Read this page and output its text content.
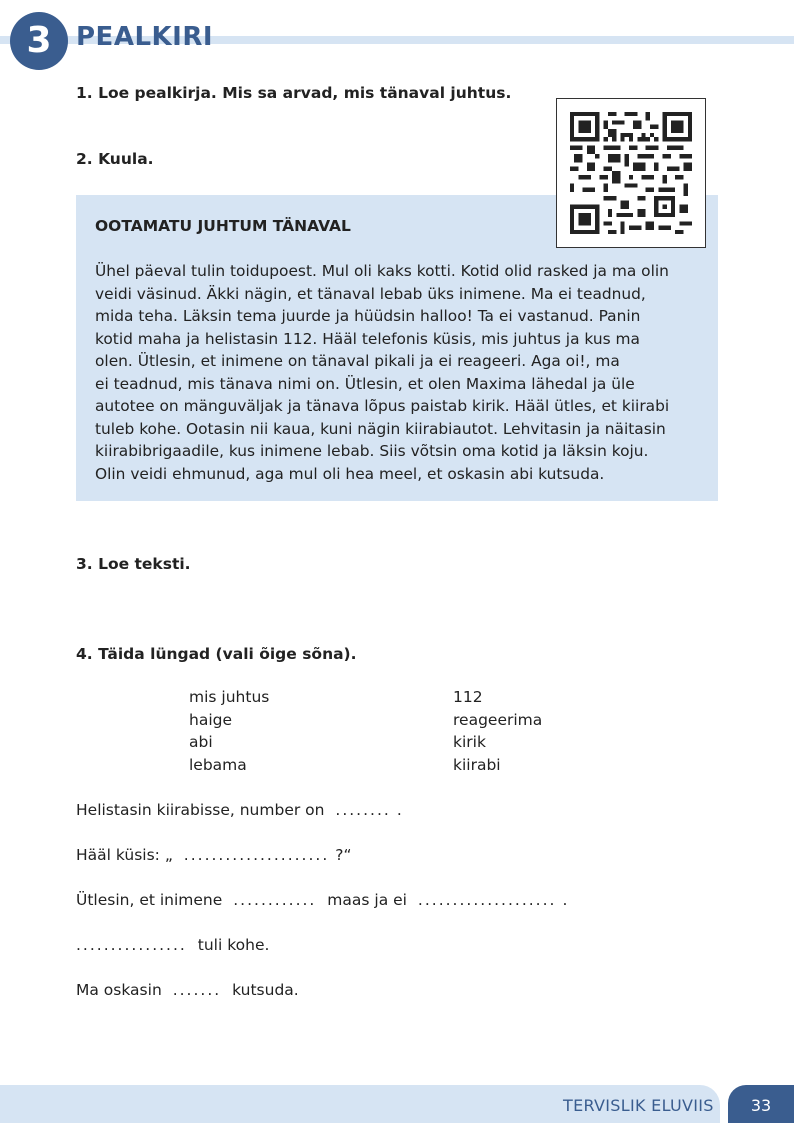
3 PEALKIRI
1. Loe pealkirja. Mis sa arvad, mis tänaval juhtus.
2. Kuula.
OOTAMATU JUHTUM TÄNAVAL

Ühel päeval tulin toidupoest. Mul oli kaks kotti. Kotid olid rasked ja ma olin

veidi väsinud. Äkki nägin, et tänaval lebab üks inimene. Ma ei teadnud,

mida teha. Läksin tema juurde ja hüüdsin halloo! Ta ei vastanud. Panin

kotid maha ja helistasin 112. Hääl telefonis küsis, mis juhtus ja kus ma

olen. Ütlesin, et inimene on tänaval pikali ja ei reageeri. Aga oi!, ma

ei teadnud, mis tänava nimi on. Ütlesin, et olen Maxima lähedal ja üle

autotee on mänguväljak ja tänava lõpus paistab kirik. Hääl ütles, et kiirabi

tuleb kohe. Ootasin nii kaua, kuni nägin kiirabiautot. Lehvitasin ja näitasin

kiirabibrigaadile, kus inimene lebab. Siis võtsin oma kotid ja läksin koju.

Olin veidi ehmunud, aga mul oli hea meel, et oskasin abi kutsuda.

3. Loe teksti.
4. Täida lüngad (vali õige sõna).
mis juhtus
haige
abi
lebama
112
reageerima
kirik
kiirabi
Helistasin kiirabisse, number on ........ .
Hääl küsis: „ ..................... ?“
Ütlesin, et inimene ............ maas ja ei .................... .
................ tuli kohe.
Ma oskasin ....... kutsuda.
TERVISLIK ELUVIIS	33
